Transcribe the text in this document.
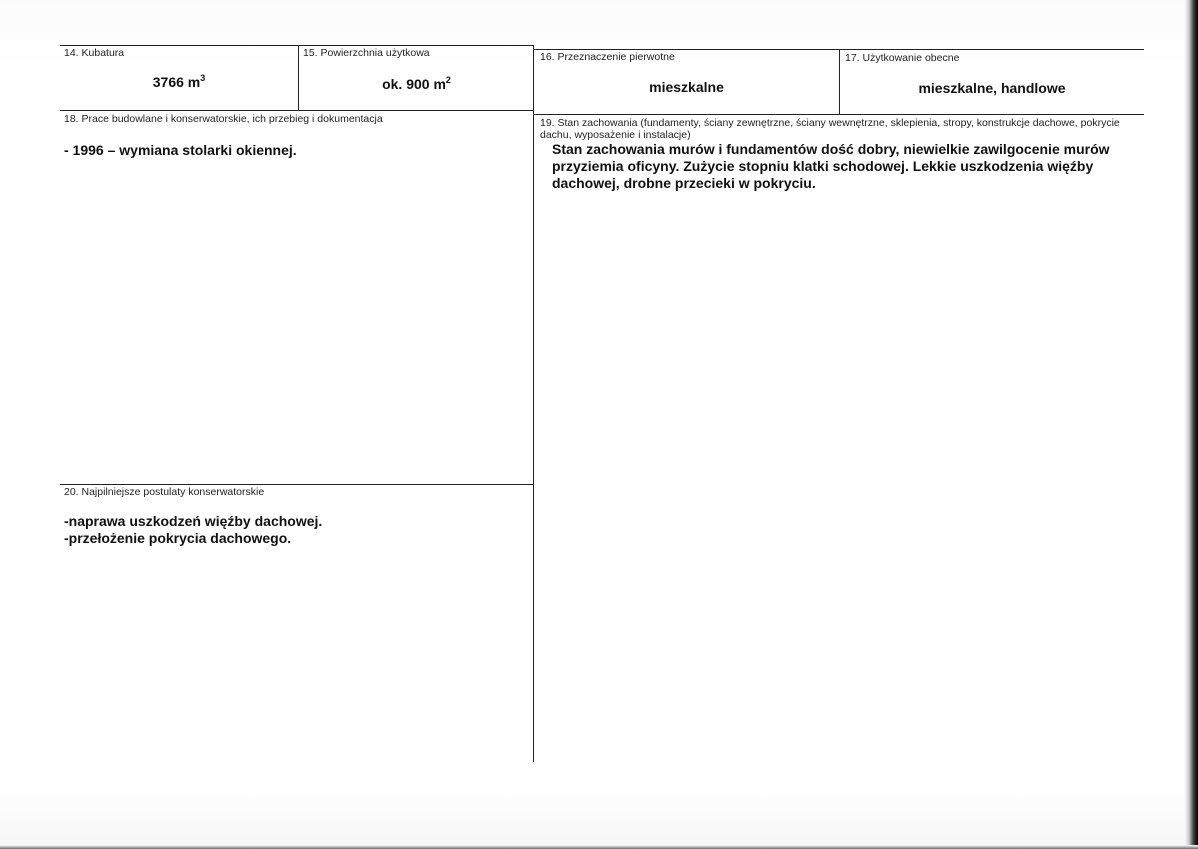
14. Kubatura
3766 $m^3$
15. Powierzchnia użytkowa
ok. 900 $m^2$
16. Przeznaczenie pierwotne
mieszkalne
17. Użytkowanie obecne
mieszkalne, handlowe
18. Prace budowlane i konserwatorskie, ich przebieg i dokumentacja
- 1996 – wymiana stolarki okiennej.
19. Stan zachowania (fundamenty, ściany zewnętrzne, ściany wewnętrzne, sklepienia, stropy, konstrukcje dachowe, pokrycie dachu, wyposażenie i instalacje)
Stan zachowania murów i fundamentów dość dobry, niewielkie zawilgocenie murów
przyziemia oficyny. Zużycie stopniu klatki schodowej. Lekkie uszkodzenia więźby
dachowej, drobne przecieki w pokryciu.
20. Najpilniejsze postulaty konserwatorskie
-naprawa uszkodzeń więźby dachowej.
-przełożenie pokrycia dachowego.
